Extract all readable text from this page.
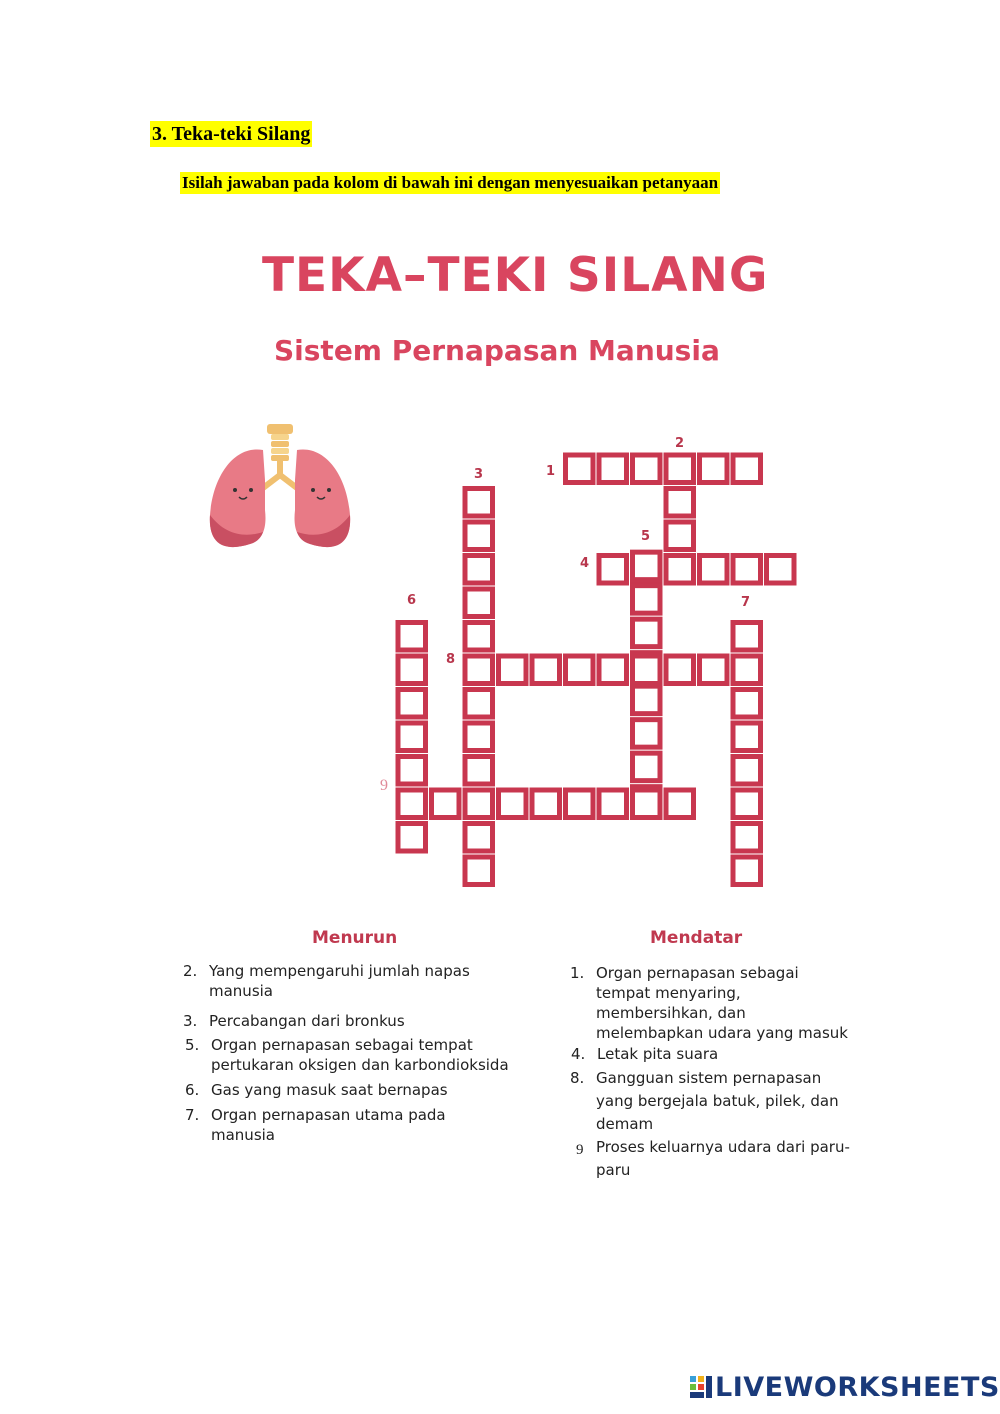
3. Teka-teki Silang
Isilah jawaban pada kolom di bawah ini dengan menyesuaikan petanyaan
TEKA–TEKI SILANG
Sistem Pernapasan Manusia
1
2
3
4
5
6	7
8
9
Menurun	Mendatar
2. Yang mempengaruhi jumlah napas
manusia
3. Percabangan dari bronkus
5. Organ pernapasan sebagai tempat
pertukaran oksigen dan karbondioksida
6. Gas yang masuk saat bernapas
7. Organ pernapasan utama pada
manusia
1. Organ pernapasan sebagai
tempat menyaring,
membersihkan, dan
melembapkan udara yang masuk
4. Letak pita suara
8. Gangguan sistem pernapasan
yang bergejala batuk, pilek, dan
demam
9 Proses keluarnya udara dari paru-
paru
LIVEWORKSHEETS
